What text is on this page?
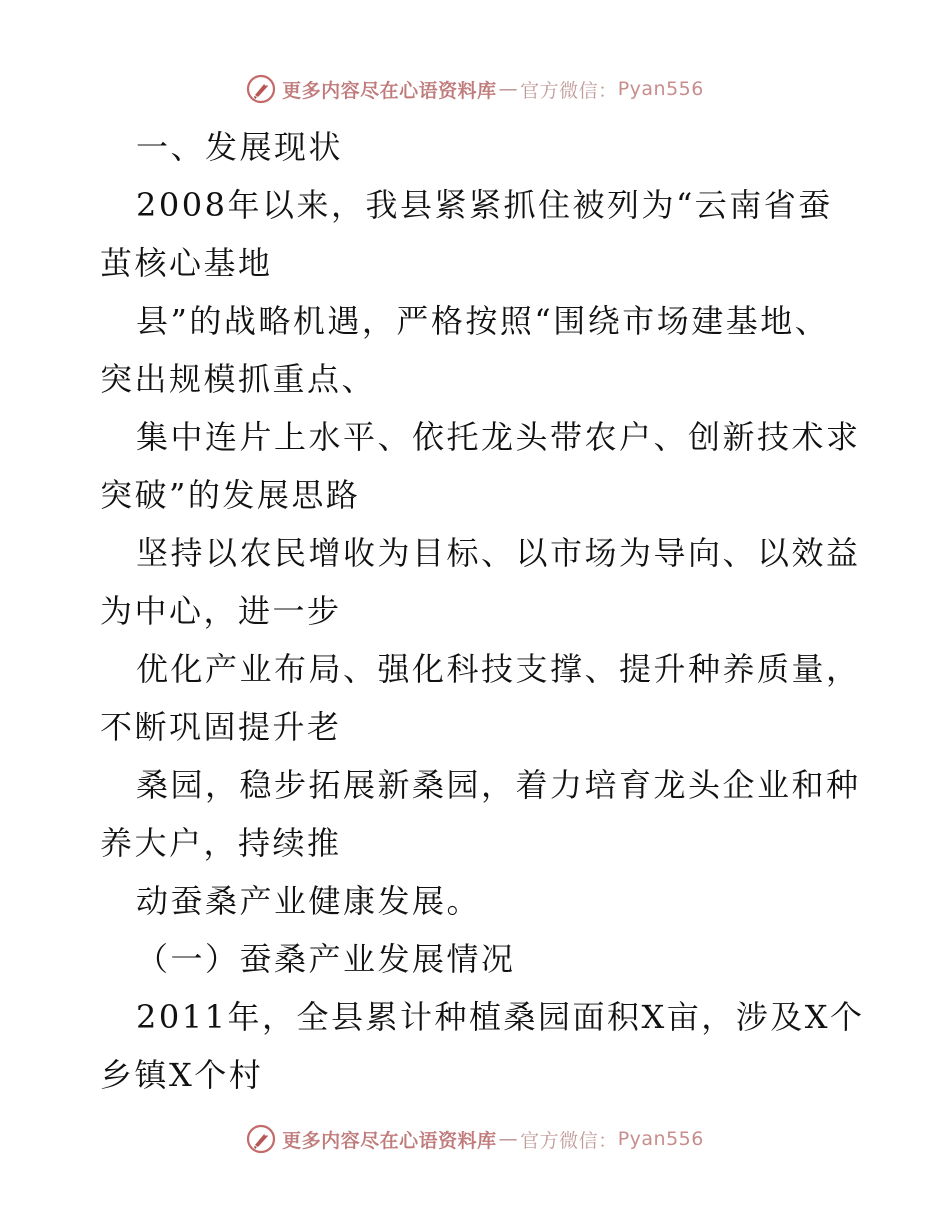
更多内容尽在心语资料库 — 官方微信： Pyan556
一、发展现状
2008年以来，我县紧紧抓住被列为“云南省蚕
茧核心基地
县”的战略机遇，严格按照“围绕市场建基地、
突出规模抓重点、
集中连片上水平、依托龙头带农户、创新技术求
突破”的发展思路
坚持以农民增收为目标、以市场为导向、以效益
为中心，进一步
优化产业布局、强化科技支撑、提升种养质量，
不断巩固提升老
桑园，稳步拓展新桑园，着力培育龙头企业和种
养大户，持续推
动蚕桑产业健康发展。
（一）蚕桑产业发展情况
2011年，全县累计种植桑园面积X亩，涉及X个
乡镇X个村
更多内容尽在心语资料库 — 官方微信： Pyan556
